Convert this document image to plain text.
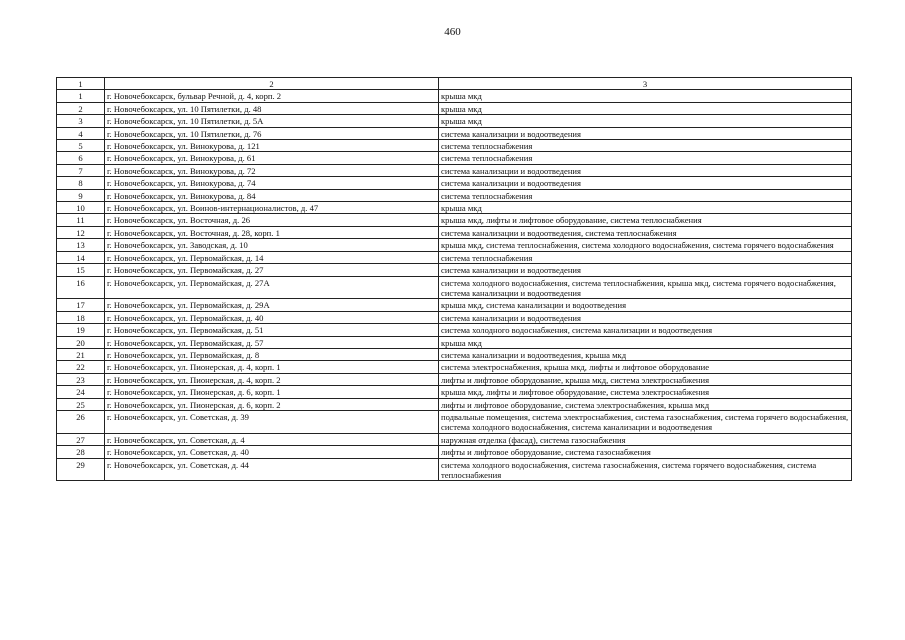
460
1	2	3
1	г. Новочебоксарск, бульвар Речной, д. 4, корп. 2	крыша мкд
2	г. Новочебоксарск, ул. 10 Пятилетки, д. 48	крыша мкд
3	г. Новочебоксарск, ул. 10 Пятилетки, д. 5А	крыша мкд
4	г. Новочебоксарск, ул. 10 Пятилетки, д. 76	система канализации и водоотведения
5	г. Новочебоксарск, ул. Винокурова, д. 121	система теплоснабжения
6	г. Новочебоксарск, ул. Винокурова, д. 61	система теплоснабжения
7	г. Новочебоксарск, ул. Винокурова, д. 72	система канализации и водоотведения
8	г. Новочебоксарск, ул. Винокурова, д. 74	система канализации и водоотведения
9	г. Новочебоксарск, ул. Винокурова, д. 84	система теплоснабжения
10	г. Новочебоксарск, ул. Воинов-интернационалистов, д. 47	крыша мкд
11	г. Новочебоксарск, ул. Восточная, д. 26	крыша мкд, лифты и лифтовое оборудование, система теплоснабжения
12	г. Новочебоксарск, ул. Восточная, д. 28, корп. 1	система канализации и водоотведения, система теплоснабжения
13	г. Новочебоксарск, ул. Заводская, д. 10	крыша мкд, система теплоснабжения, система холодного водоснабжения, система горячего водоснабжения
14	г. Новочебоксарск, ул. Первомайская, д. 14	система теплоснабжения
15	г. Новочебоксарск, ул. Первомайская, д. 27	система канализации и водоотведения
16	г. Новочебоксарск, ул. Первомайская, д. 27А	система холодного водоснабжения, система теплоснабжения, крыша мкд, система горячего водоснабжения, система канализации и водоотведения
17	г. Новочебоксарск, ул. Первомайская, д. 29А	крыша мкд, система канализации и водоотведения
18	г. Новочебоксарск, ул. Первомайская, д. 40	система канализации и водоотведения
19	г. Новочебоксарск, ул. Первомайская, д. 51	система холодного водоснабжения, система канализации и водоотведения
20	г. Новочебоксарск, ул. Первомайская, д. 57	крыша мкд
21	г. Новочебоксарск, ул. Первомайская, д. 8	система канализации и водоотведения, крыша мкд
22	г. Новочебоксарск, ул. Пионерская, д. 4, корп. 1	система электроснабжения, крыша мкд, лифты и лифтовое оборудование
23	г. Новочебоксарск, ул. Пионерская, д. 4, корп. 2	лифты и лифтовое оборудование, крыша мкд, система электроснабжения
24	г. Новочебоксарск, ул. Пионерская, д. 6, корп. 1	крыша мкд, лифты и лифтовое оборудование, система электроснабжения
25	г. Новочебоксарск, ул. Пионерская, д. 6, корп. 2	лифты и лифтовое оборудование, система электроснабжения, крыша мкд
26	г. Новочебоксарск, ул. Советская, д. 39	подвальные помещения, система электроснабжения, система газоснабжения, система горячего водоснабжения, система холодного водоснабжения, система канализации и водоотведения
27	г. Новочебоксарск, ул. Советская, д. 4	наружная отделка (фасад), система газоснабжения
28	г. Новочебоксарск, ул. Советская, д. 40	лифты и лифтовое оборудование, система газоснабжения
29	г. Новочебоксарск, ул. Советская, д. 44	система холодного водоснабжения, система газоснабжения, система горячего водоснабжения, система теплоснабжения
